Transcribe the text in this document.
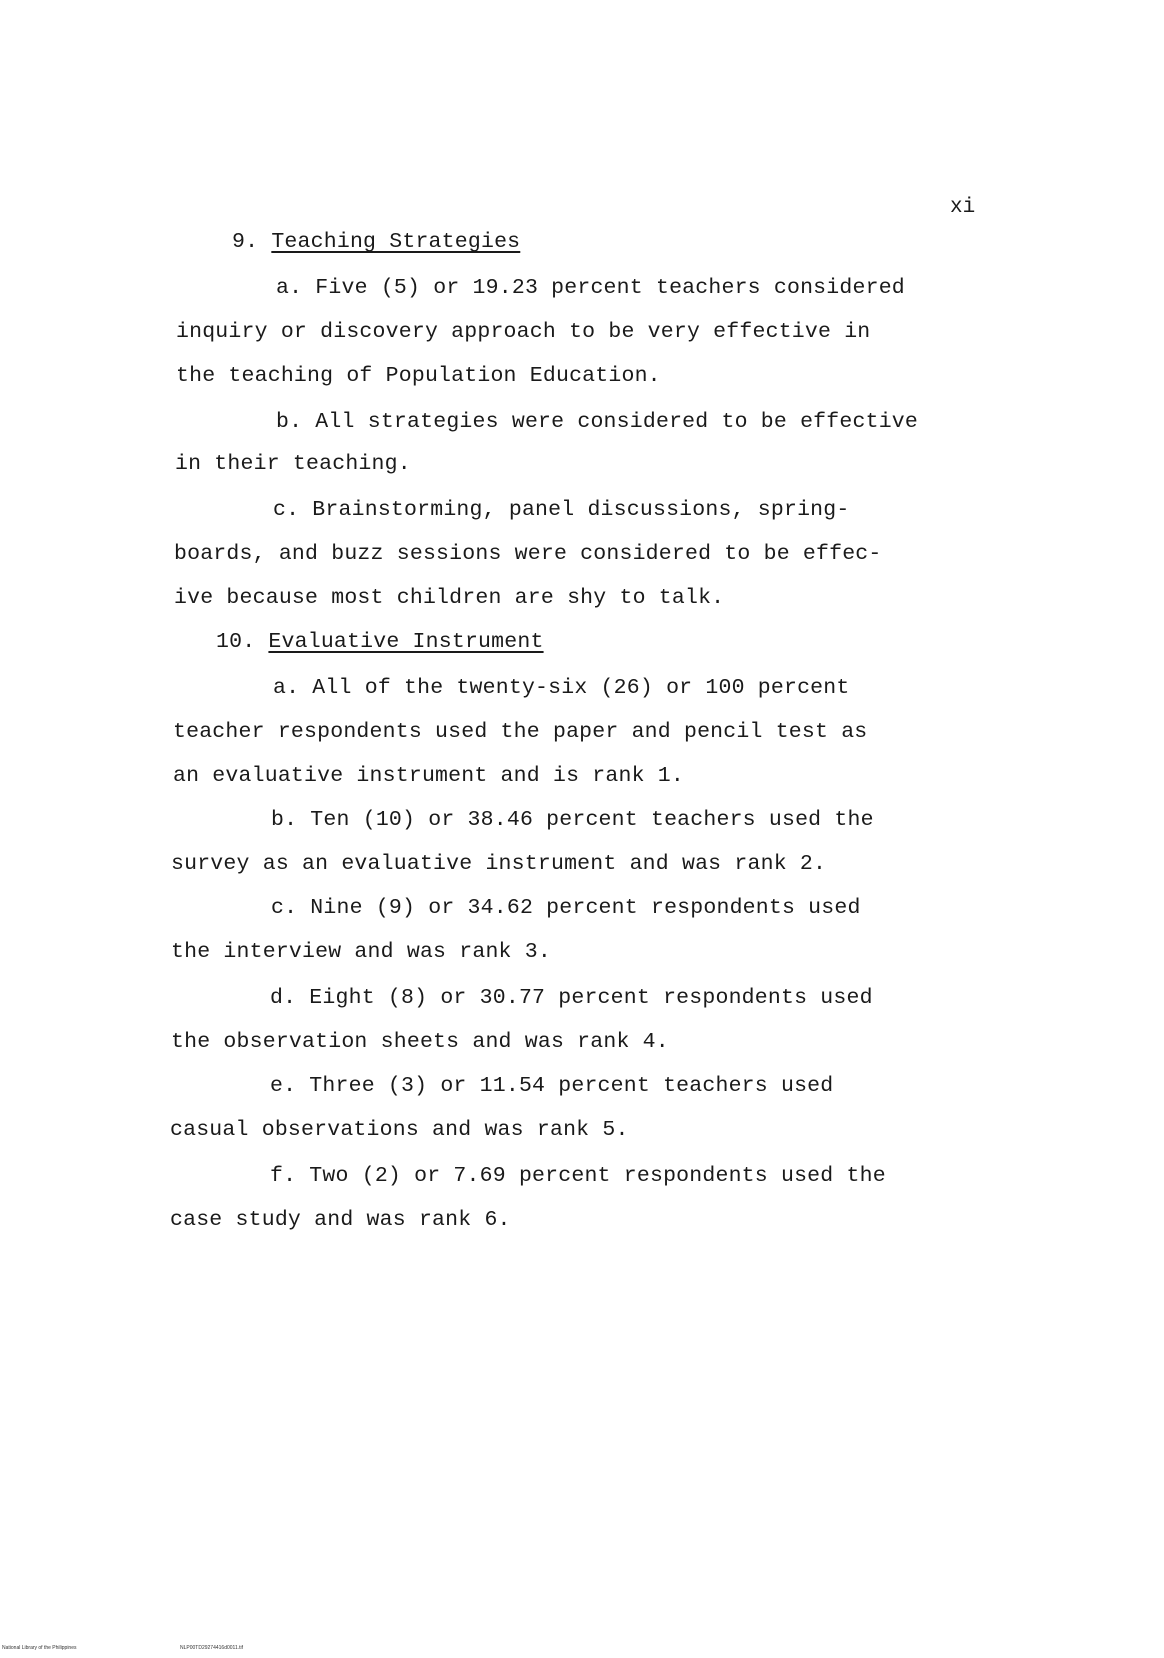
xi
9. Teaching Strategies
a. Five (5) or 19.23 percent teachers considered
inquiry or discovery approach to be very effective in
the teaching of Population Education.
b. All strategies were considered to be effective
in their teaching.
c. Brainstorming, panel discussions, spring-
boards, and buzz sessions were considered to be effec-
ive because most children are shy to talk.
10. Evaluative Instrument
a. All of the twenty-six (26) or 100 percent
teacher respondents used the paper and pencil test as
an evaluative instrument and is rank 1.
b. Ten (10) or 38.46 percent teachers used the
survey as an evaluative instrument and was rank 2.
c. Nine (9) or 34.62 percent respondents used
the interview and was rank 3.
d. Eight (8) or 30.77 percent respondents used
the observation sheets and was rank 4.
e. Three (3) or 11.54 percent teachers used
casual observations and was rank 5.
f. Two (2) or 7.69 percent respondents used the
case study and was rank 6.
National Library of the Philippines	NLP00TD29274416d0011.tif
